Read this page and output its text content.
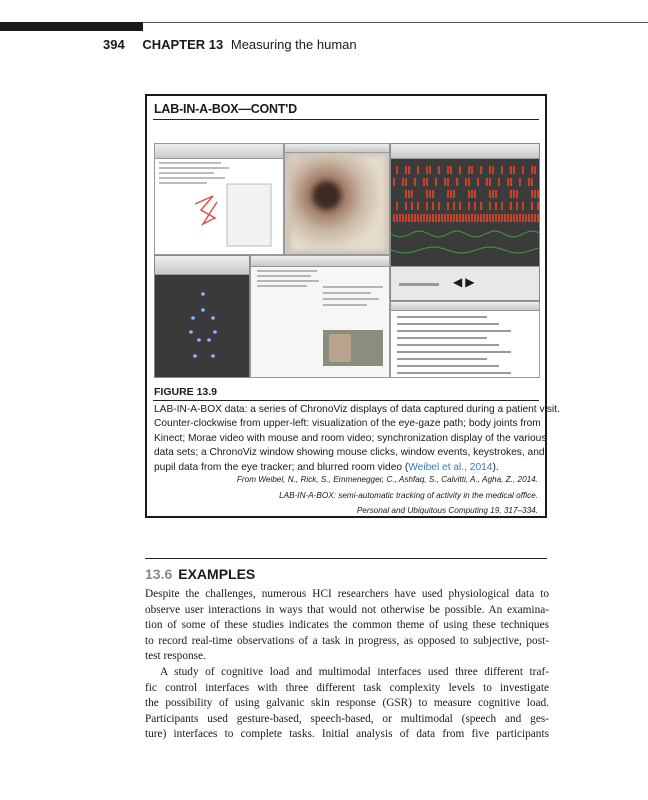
394 CHAPTER 13 Measuring the human
LAB-IN-A-BOX—CONT'D
◀ ▶
FIGURE 13.9
LAB-IN-A-BOX data: a series of ChronoViz displays of data captured during a patient visit.
Counter-clockwise from upper-left: visualization of the eye-gaze path; body joints from
Kinect; Morae video with mouse and room video; synchronization display of the various
data sets; a ChronoViz window showing mouse clicks, window events, keystrokes, and
pupil data from the eye tracker; and blurred room video (Weibel et al., 2014).
From Weibel, N., Rick, S., Emmenegger, C., Ashfaq, S., Calvitti, A., Agha, Z., 2014.
LAB-IN-A-BOX: semi-automatic tracking of activity in the medical office.
Personal and Ubiquitous Computing 19, 317–334.
13.6 EXAMPLES
Despite the challenges, numerous HCI researchers have used physiological data to
observe user interactions in ways that would not otherwise be possible. An examina-
tion of some of these studies indicates the common theme of using these techniques
to record real-time observations of a task in progress, as opposed to subjective, post-
test response.
A study of cognitive load and multimodal interfaces used three different traf-
fic control interfaces with three different task complexity levels to investigate
the possibility of using galvanic skin response (GSR) to measure cognitive load.
Participants used gesture-based, speech-based, or multimodal (speech and ges-
ture) interfaces to complete tasks. Initial analysis of data from five participants
